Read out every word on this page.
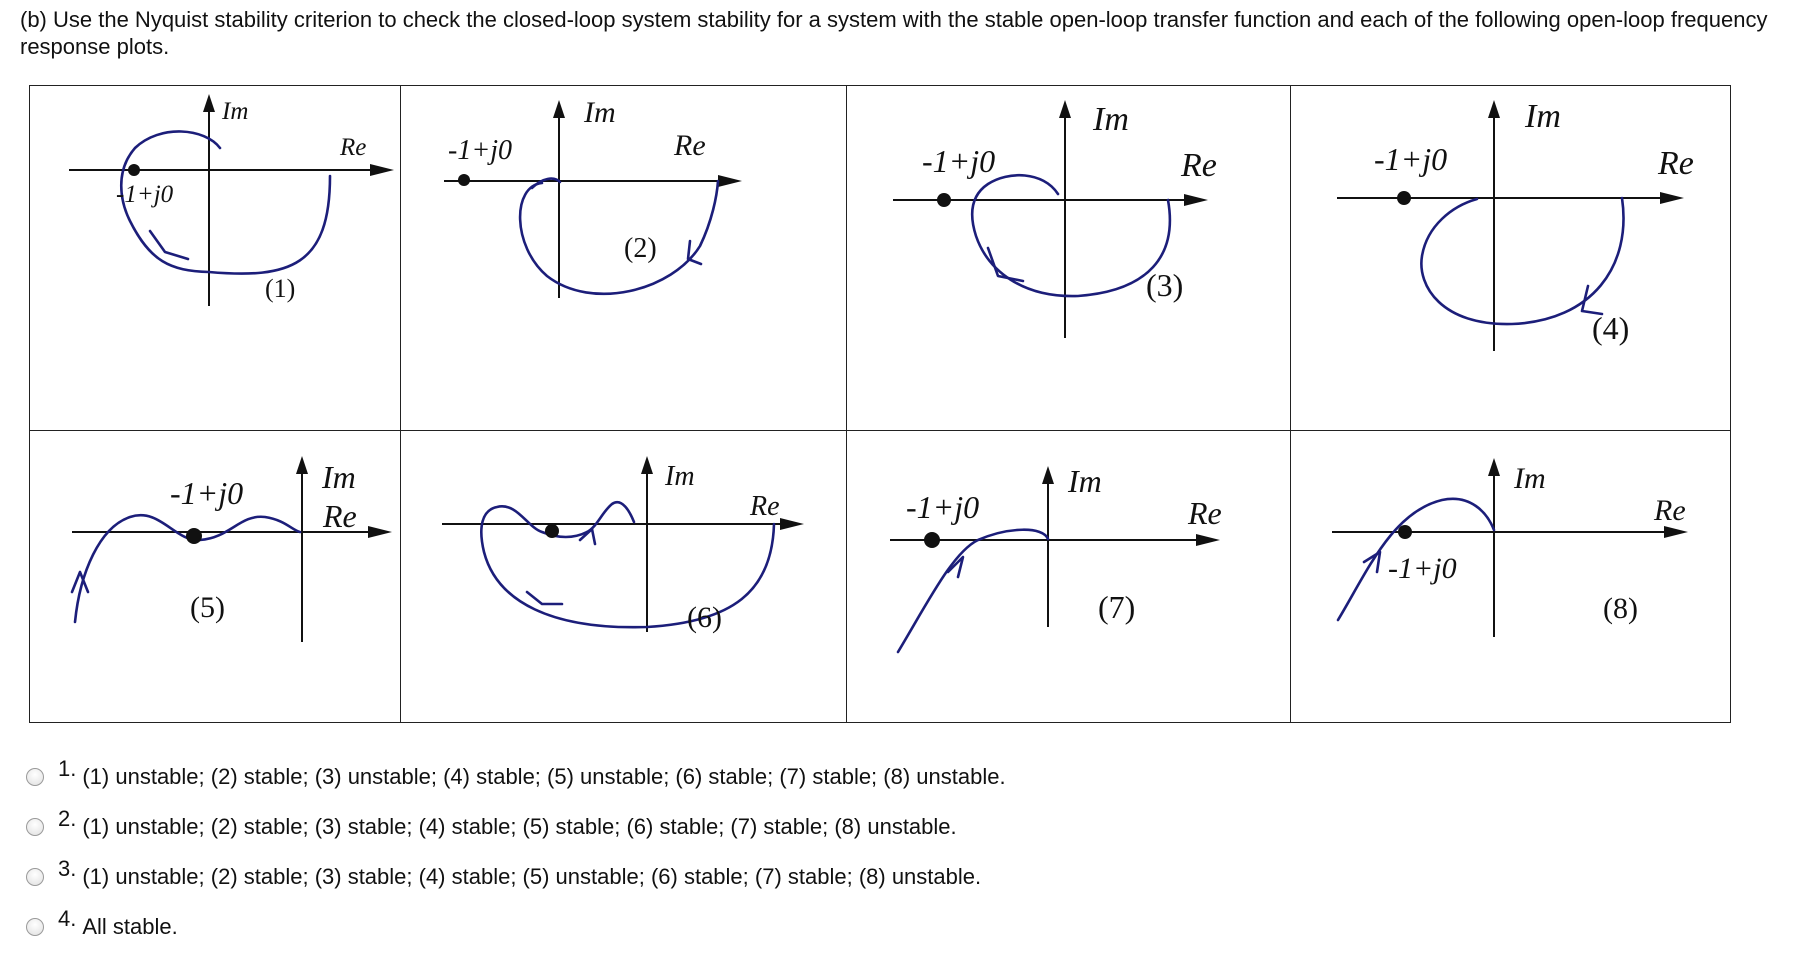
(b) Use the Nyquist stability criterion to check the closed-loop system stability for a system with the stable open-loop transfer function and each of the following open-loop frequency response plots.

Im
Re
-1+j0
(1)
Im
Re
-1+j0
(2)
Im
Re
-1+j0
(3)
Im
Re
-1+j0
(4)
Im
Re
-1+j0
(5)
Im
Re
(6)
Im
Re
-1+j0
(7)
Im
Re
-1+j0
(8)
1. (1) unstable; (2) stable; (3) unstable; (4) stable; (5) unstable; (6) stable; (7) stable; (8) unstable.
2. (1) unstable; (2) stable; (3) stable; (4) stable; (5) stable; (6) stable; (7) stable; (8) unstable.
3. (1) unstable; (2) stable; (3) stable; (4) stable; (5) unstable; (6) stable; (7) stable; (8) unstable.
4. All stable.
